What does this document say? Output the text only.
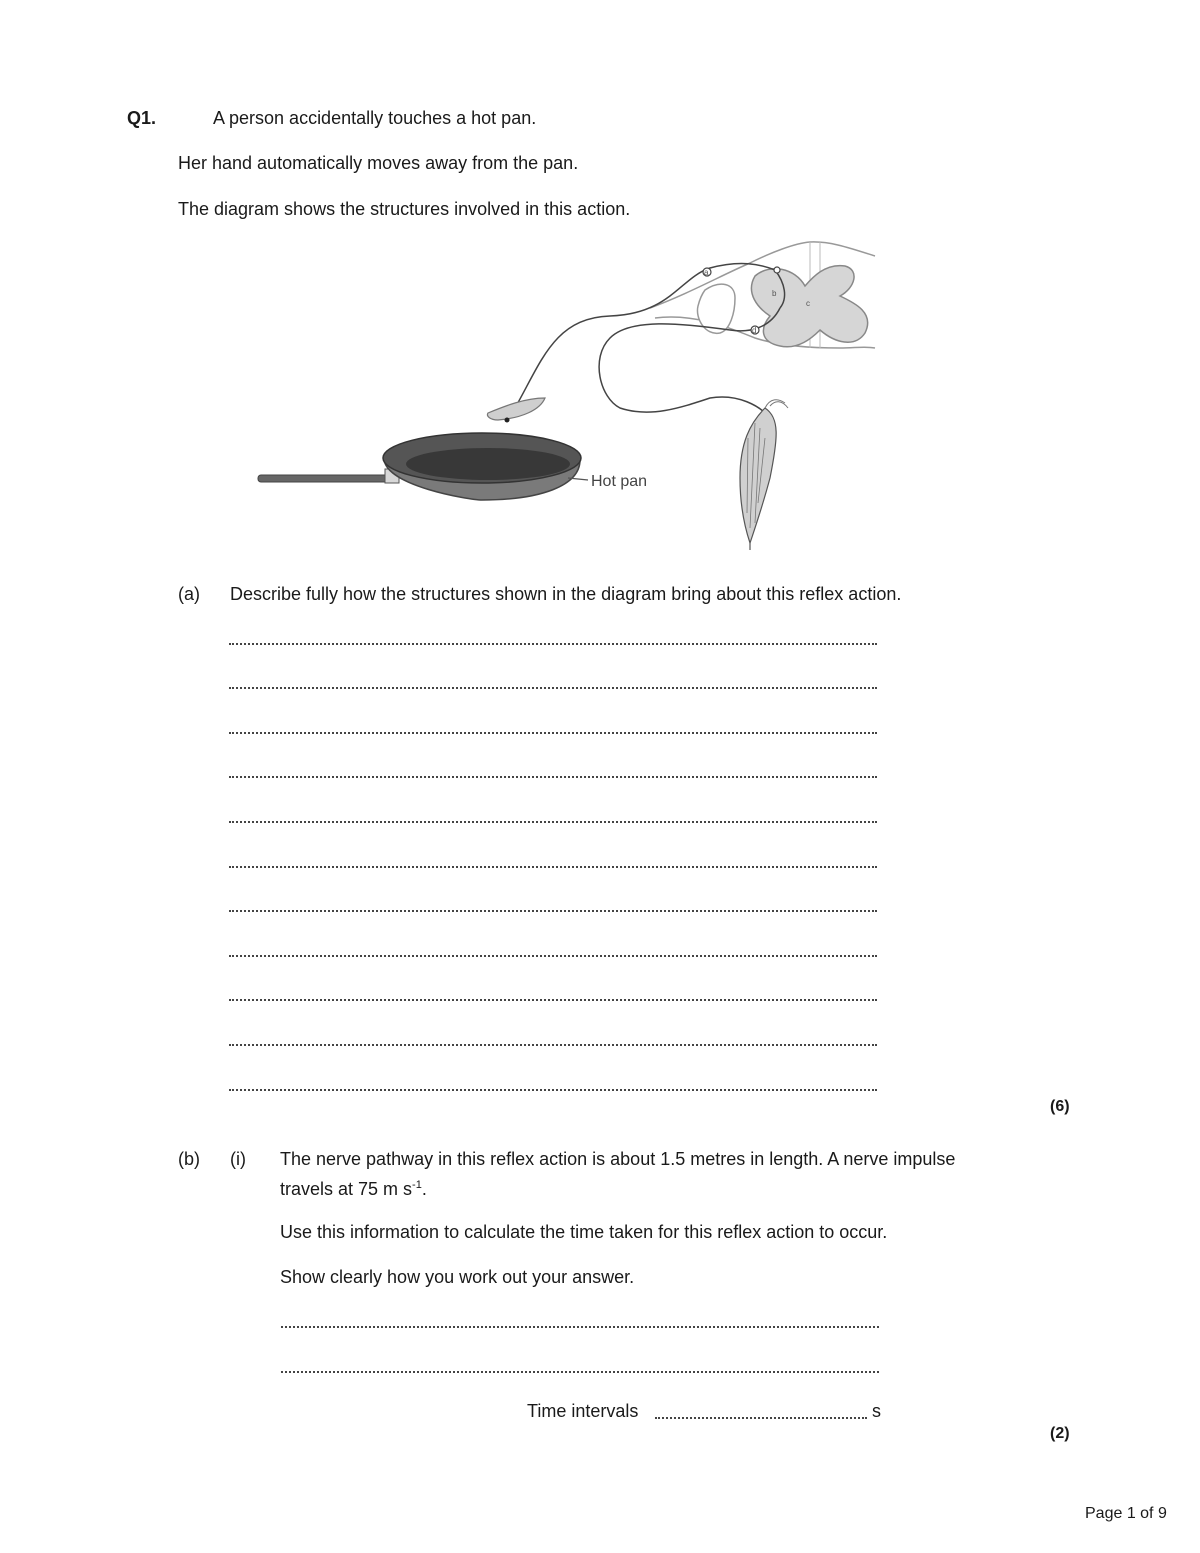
Q1.	A person accidentally touches a hot pan.
Her hand automatically moves away from the pan.
The diagram shows the structures involved in this action.
a
b
c
d
Hot pan
(a) Describe fully how the structures shown in the diagram bring about this reflex action.
(6)
(b) (i) The nerve pathway in this reflex action is about 1.5 metres in length. A nerve impulse
travels at 75 m $s^{-1}$.
Use this information to calculate the time taken for this reflex action to occur.
Show clearly how you work out your answer.
Time intervals	s
(2)
Page 1 of 9
